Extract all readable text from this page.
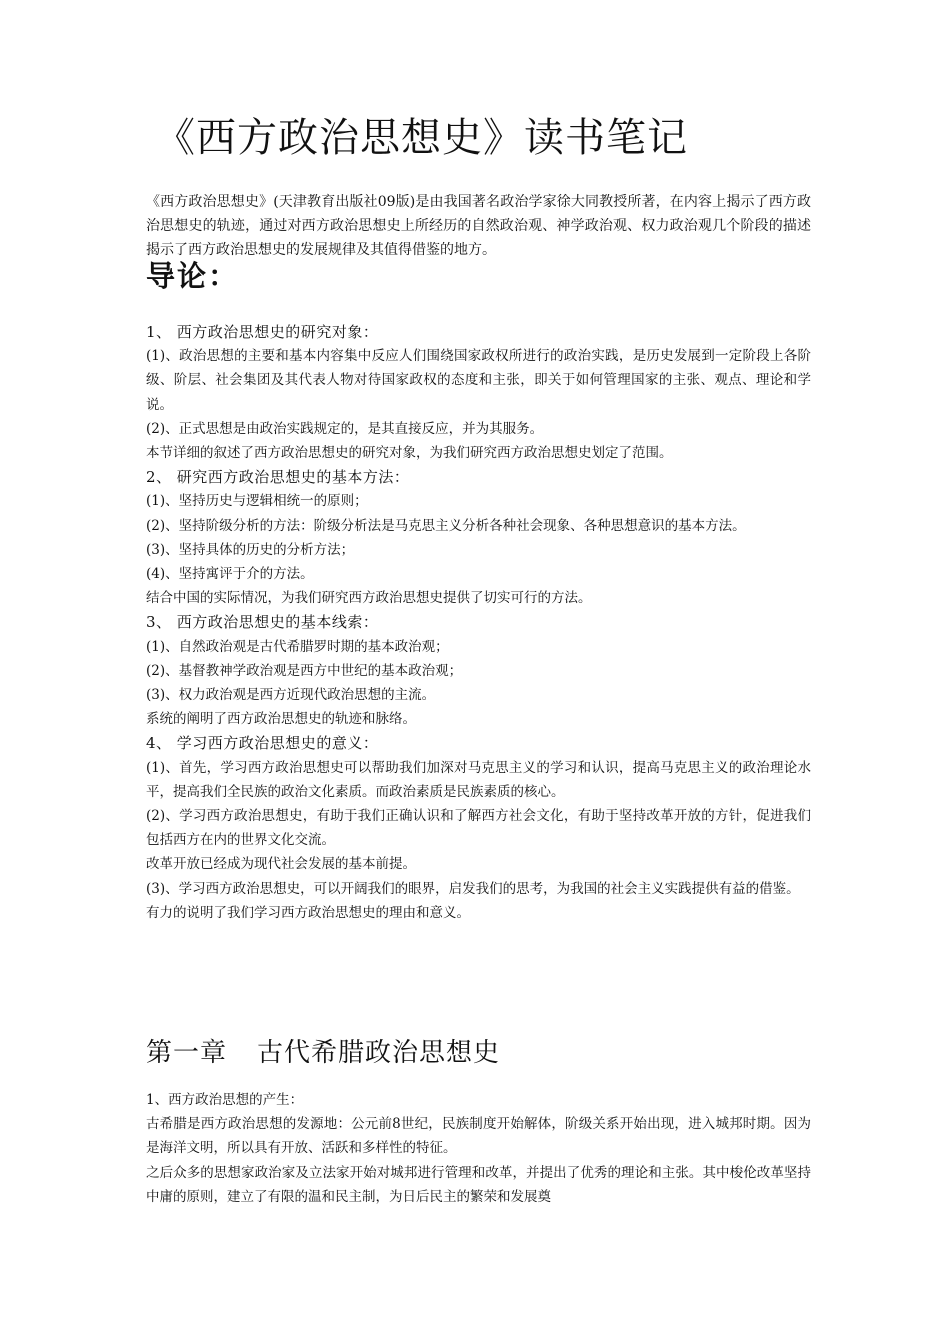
《西方政治思想史》读书笔记

《西方政治思想史》(天津教育出版社09版)是由我国著名政治学家徐大同教授所著，在内容上揭示了西方政治思想史的轨迹，通过对西方政治思想史上所经历的自然政治观、神学政治观、权力政治观几个阶段的描述揭示了西方政治思想史的发展规律及其值得借鉴的地方。

导论：

1、 西方政治思想史的研究对象：

(1)、政治思想的主要和基本内容集中反应人们围绕国家政权所进行的政治实践，是历史发展到一定阶段上各阶级、阶层、社会集团及其代表人物对待国家政权的态度和主张，即关于如何管理国家的主张、观点、理论和学说。

(2)、正式思想是由政治实践规定的，是其直接反应，并为其服务。

本节详细的叙述了西方政治思想史的研究对象，为我们研究西方政治思想史划定了范围。

2、 研究西方政治思想史的基本方法：

(1)、坚持历史与逻辑相统一的原则；

(2)、坚持阶级分析的方法：阶级分析法是马克思主义分析各种社会现象、各种思想意识的基本方法。

(3)、坚持具体的历史的分析方法；

(4)、坚持寓评于介的方法。

结合中国的实际情况，为我们研究西方政治思想史提供了切实可行的方法。

3、 西方政治思想史的基本线索：

(1)、自然政治观是古代希腊罗时期的基本政治观；

(2)、基督教神学政治观是西方中世纪的基本政治观；

(3)、权力政治观是西方近现代政治思想的主流。

系统的阐明了西方政治思想史的轨迹和脉络。

4、 学习西方政治思想史的意义：

(1)、首先，学习西方政治思想史可以帮助我们加深对马克思主义的学习和认识，提高马克思主义的政治理论水平，提高我们全民族的政治文化素质。而政治素质是民族素质的核心。

(2)、学习西方政治思想史，有助于我们正确认识和了解西方社会文化，有助于坚持改革开放的方针，促进我们包括西方在内的世界文化交流。

改革开放已经成为现代社会发展的基本前提。

(3)、学习西方政治思想史，可以开阔我们的眼界，启发我们的思考，为我国的社会主义实践提供有益的借鉴。

有力的说明了我们学习西方政治思想史的理由和意义。

第一章 古代希腊政治思想史

1、西方政治思想的产生：

古希腊是西方政治思想的发源地：公元前8世纪，民族制度开始解体，阶级关系开始出现，进入城邦时期。因为是海洋文明，所以具有开放、活跃和多样性的特征。

之后众多的思想家政治家及立法家开始对城邦进行管理和改革，并提出了优秀的理论和主张。其中梭伦改革坚持中庸的原则，建立了有限的温和民主制，为日后民主的繁荣和发展奠
